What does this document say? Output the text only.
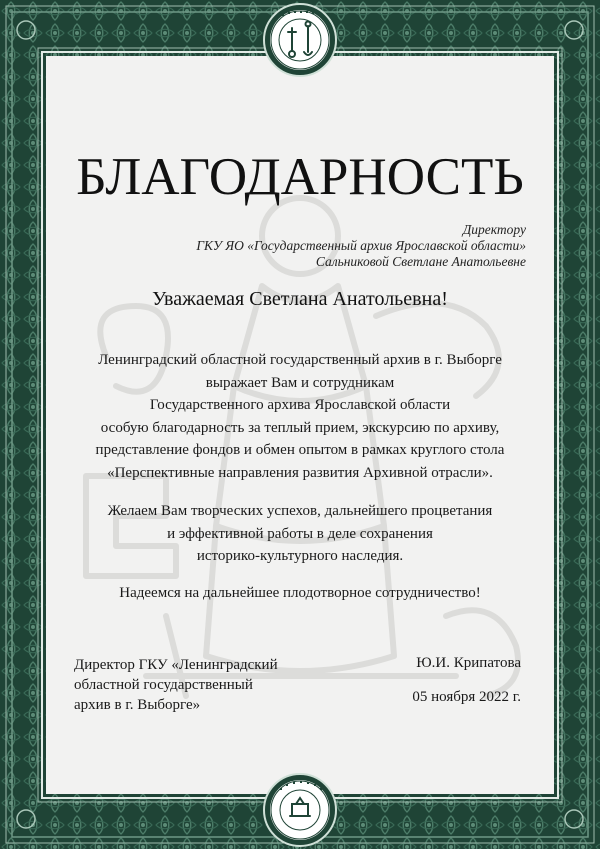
БЛАГОДАРНОСТЬ
Директору
ГКУ ЯО «Государственный архив Ярославской области»
Сальниковой Светлане Анатольевне
Уважаемая Светлана Анатольевна!
Ленинградский областной государственный архив в г. Выборге
выражает Вам и сотрудникам
Государственного архива Ярославской области
особую благодарность за теплый прием, экскурсию по архиву,
представление фондов и обмен опытом в рамках круглого стола
«Перспективные направления развития Архивной отрасли».
Желаем Вам творческих успехов, дальнейшего процветания
и эффективной работы в деле сохранения
историко-культурного наследия.
Надеемся на дальнейшее плодотворное сотрудничество!
Директор ГКУ «Ленинградский
областной государственный
архив в г. Выборге»
Ю.И. Крипатова
05 ноября 2022 г.
